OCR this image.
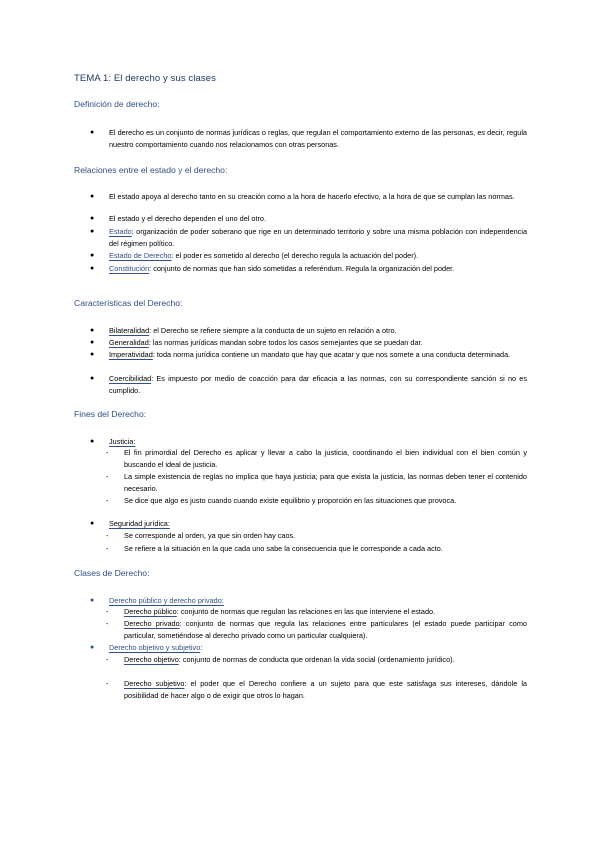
TEMA 1: El derecho y sus clases
Definición de derecho:
● El derecho es un conjunto de normas jurídicas o reglas, que regulan el comportamiento externo de las personas, es decir, regula nuestro comportamiento cuando nos relacionamos con otras personas.
Relaciones entre el estado y el derecho:
● El estado apoya al derecho tanto en su creación como a la hora de hacerlo efectivo, a la hora de que se cumplan las normas.
● El estado y el derecho dependen el uno del otro.
● Estado: organización de poder soberano que rige en un determinado territorio y sobre una misma población con independencia del régimen político.
● Estado de Derecho: el poder es sometido al derecho (el derecho regula la actuación del poder).
● Constitución: conjunto de normas que han sido sometidas a referéndum. Regula la organización del poder.
Características del Derecho:
● Bilateralidad: el Derecho se refiere siempre a la conducta de un sujeto en relación a otro.
● Generalidad: las normas jurídicas mandan sobre todos los casos semejantes que se puedan dar.
● Imperatividad: toda norma jurídica contiene un mandato que hay que acatar y que nos somete a una conducta determinada.
● Coercibilidad: Es impuesto por medio de coacción para dar eficacia a las normas, con su correspondiente sanción si no es cumplido.
Fines del Derecho:
● Justicia:
- El fin primordial del Derecho es aplicar y llevar a cabo la justicia, coordinando el bien individual con el bien común y buscando el ideal de justicia.
- La simple existencia de reglas no implica que haya justicia; para que exista la justicia, las normas deben tener el contenido necesario.
- Se dice que algo es justo cuando cuando existe equilibrio y proporción en las situaciones que provoca.
● Seguridad jurídica:
- Se corresponde al orden, ya que sin orden hay caos.
- Se refiere a la situación en la que cada uno sabe la consecuencia que le corresponde a cada acto.
Clases de Derecho:
● Derecho público y derecho privado:
- Derecho público: conjunto de normas que regulan las relaciones en las que interviene el estado.
- Derecho privado: conjunto de normas que regula las relaciones entre particulares (el estado puede participar como particular, sometiéndose al derecho privado como un particular cualquiera).
● Derecho objetivo y subjetivo:
- Derecho objetivo: conjunto de normas de conducta que ordenan la vida social (ordenamiento jurídico).
- Derecho subjetivo: el poder que el Derecho confiere a un sujeto para que este satisfaga sus intereses, dándole la posibilidad de hacer algo o de exigir que otros lo hagan.
